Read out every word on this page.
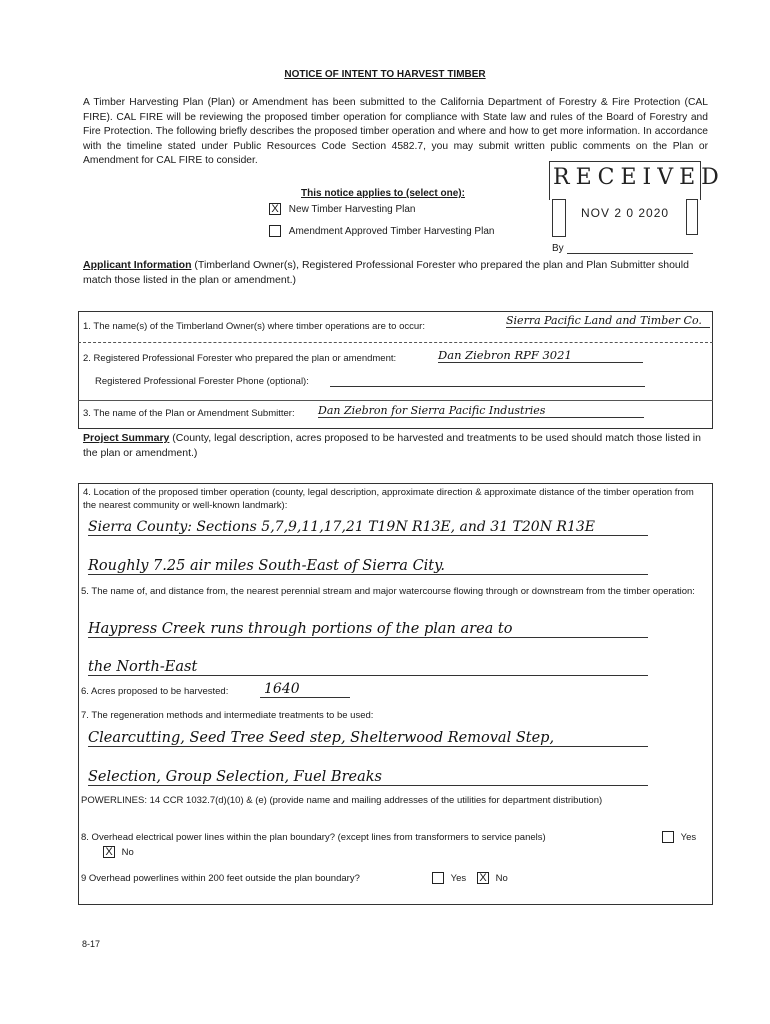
NOTICE OF INTENT TO HARVEST TIMBER
A Timber Harvesting Plan (Plan) or Amendment has been submitted to the California Department of Forestry & Fire Protection (CAL FIRE). CAL FIRE will be reviewing the proposed timber operation for compliance with State law and rules of the Board of Forestry and Fire Protection. The following briefly describes the proposed timber operation and where and how to get more information. In accordance with the timeline stated under Public Resources Code Section 4582.7, you may submit written public comments on the Plan or Amendment for CAL FIRE to consider.
This notice applies to (select one):
X New Timber Harvesting Plan
Amendment Approved Timber Harvesting Plan
RECEIVED
NOV 2 0 2020
By
Applicant Information (Timberland Owner(s), Registered Professional Forester who prepared the plan and Plan Submitter should match those listed in the plan or amendment.)
1. The name(s) of the Timberland Owner(s) where timber operations are to occur:	Sierra Pacific Land and Timber Co.
2. Registered Professional Forester who prepared the plan or amendment:	Dan Ziebron RPF 3021
Registered Professional Forester Phone (optional):
3. The name of the Plan or Amendment Submitter: Dan Ziebron for Sierra Pacific Industries
Project Summary (County, legal description, acres proposed to be harvested and treatments to be used should match those listed in the plan or amendment.)
4. Location of the proposed timber operation (county, legal description, approximate direction & approximate distance of the timber operation from the nearest community or well-known landmark):
Sierra County: Sections 5,7,9,11,17,21 T19N R13E, and 31 T20N R13E
Roughly 7.25 air miles South-East of Sierra City.
5. The name of, and distance from, the nearest perennial stream and major watercourse flowing through or downstream from the timber operation:
Haypress Creek runs through portions of the plan area to
the North-East
6. Acres proposed to be harvested:	1640
7. The regeneration methods and intermediate treatments to be used:
Clearcutting, Seed Tree Seed step, Shelterwood Removal Step,
Selection, Group Selection, Fuel Breaks
POWERLINES: 14 CCR 1032.7(d)(10) & (e) (provide name and mailing addresses of the utilities for department distribution)
8. Overhead electrical power lines within the plan boundary? (except lines from transformers to service panels)	Yes
X No
9 Overhead powerlines within 200 feet outside the plan boundary?	Yes X No
8-17
